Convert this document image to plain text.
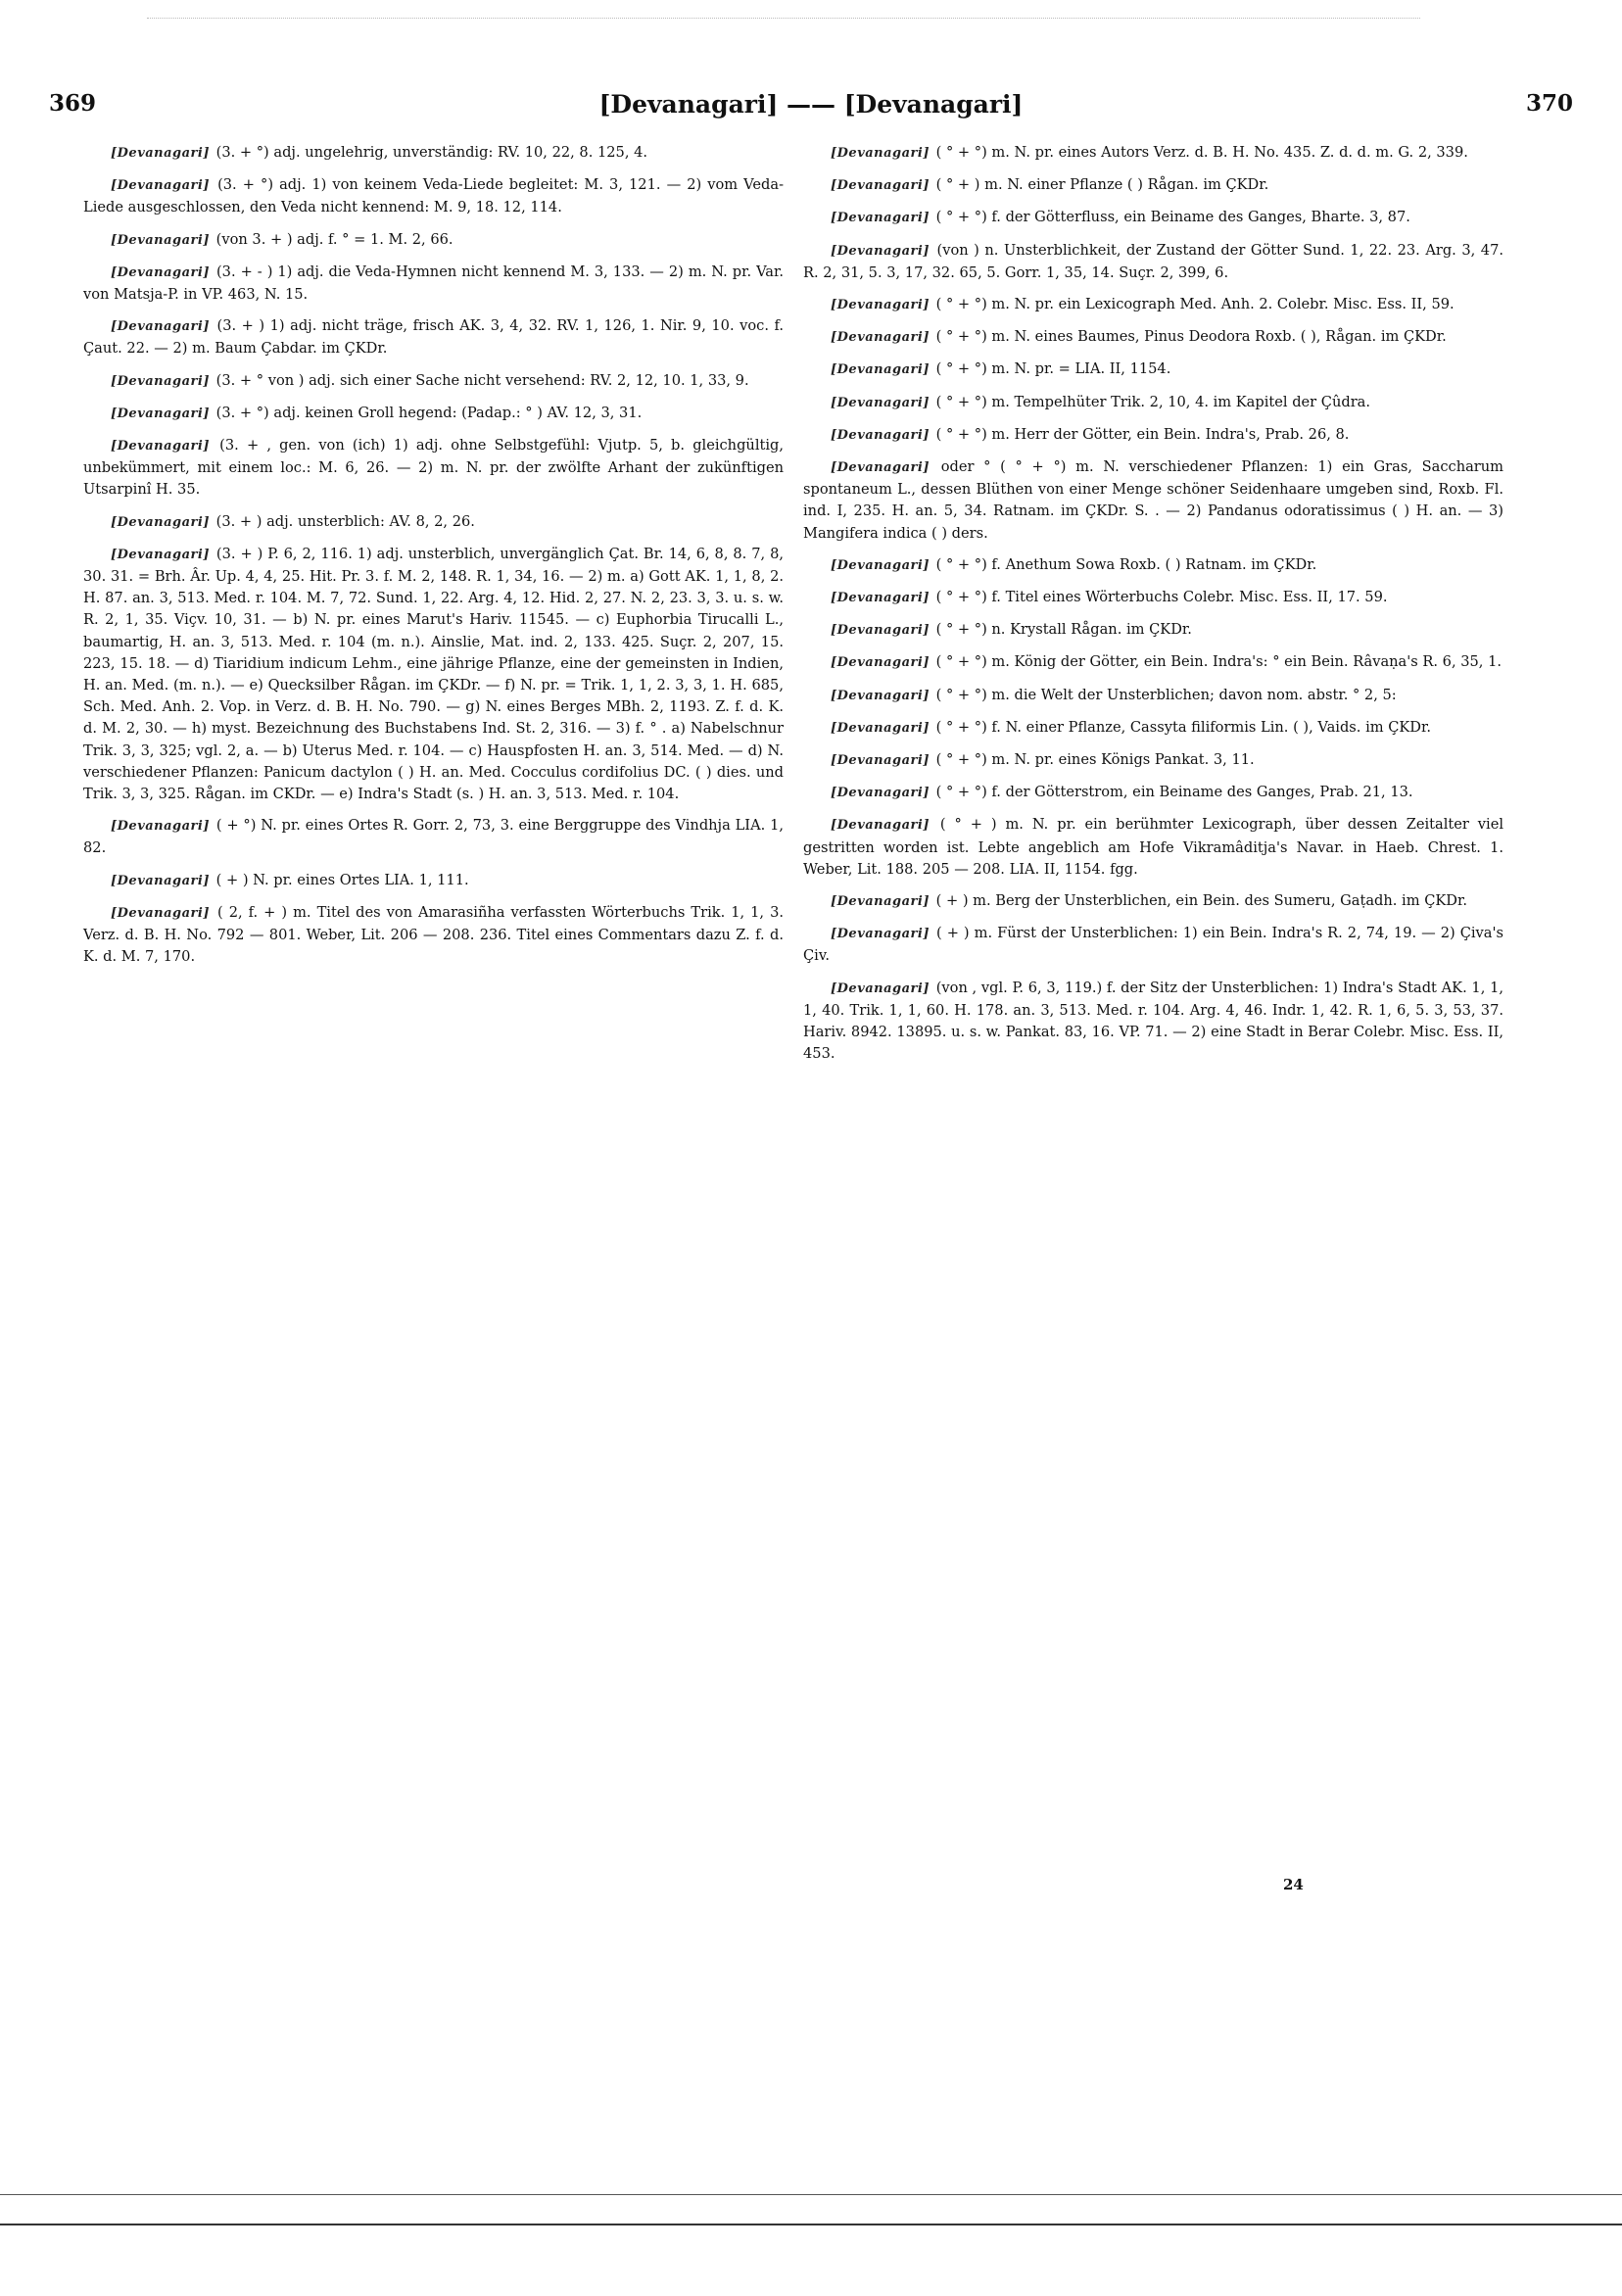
369	[Devanagari] —— [Devanagari]	370

[Devanagari] (3. + °) adj. ungelehrig, unverständig: RV. 10, 22, 8. 125, 4.

[Devanagari] (3. + °) adj. 1) von keinem Veda-Liede begleitet: M. 3, 121. — 2) vom Veda-Liede ausgeschlossen, den Veda nicht kennend: M. 9, 18. 12, 114.

[Devanagari] (von 3. + ) adj. f. ° = 1. M. 2, 66.

[Devanagari] (3. + - ) 1) adj. die Veda-Hymnen nicht kennend M. 3, 133. — 2) m. N. pr. Var. von Matsja-P. in VP. 463, N. 15.

[Devanagari] (3. + ) 1) adj. nicht träge, frisch AK. 3, 4, 32. RV. 1, 126, 1. Nir. 9, 10. voc. f. Çaut. 22. — 2) m. Baum Çabdar. im ÇKDr.

[Devanagari] (3. + ° von ) adj. sich einer Sache nicht versehend: RV. 2, 12, 10. 1, 33, 9.

[Devanagari] (3. + °) adj. keinen Groll hegend: (Padap.: ° ) AV. 12, 3, 31.

[Devanagari] (3. + , gen. von (ich) 1) adj. ohne Selbstgefühl: Vjutp. 5, b. gleichgültig, unbekümmert, mit einem loc.: M. 6, 26. — 2) m. N. pr. der zwölfte Arhant der zukünftigen Utsarpinî H. 35.

[Devanagari] (3. + ) adj. unsterblich: AV. 8, 2, 26.

[Devanagari] (3. + ) P. 6, 2, 116. 1) adj. unsterblich, unvergänglich Çat. Br. 14, 6, 8, 8. 7, 8, 30. 31. = Brh. Âr. Up. 4, 4, 25. Hit. Pr. 3. f. M. 2, 148. R. 1, 34, 16. — 2) m. a) Gott AK. 1, 1, 8, 2. H. 87. an. 3, 513. Med. r. 104. M. 7, 72. Sund. 1, 22. Arg. 4, 12. Hid. 2, 27. N. 2, 23. 3, 3. u. s. w. R. 2, 1, 35. Viçv. 10, 31. — b) N. pr. eines Marut's Hariv. 11545. — c) Euphorbia Tirucalli L., baumartig, H. an. 3, 513. Med. r. 104 (m. n.). Ainslie, Mat. ind. 2, 133. 425. Suçr. 2, 207, 15. 223, 15. 18. — d) Tiaridium indicum Lehm., eine jährige Pflanze, eine der gemeinsten in Indien, H. an. Med. (m. n.). — e) Quecksilber Rågan. im ÇKDr. — f) N. pr. = Trik. 1, 1, 2. 3, 3, 1. H. 685, Sch. Med. Anh. 2. Vop. in Verz. d. B. H. No. 790. — g) N. eines Berges MBh. 2, 1193. Z. f. d. K. d. M. 2, 30. — h) myst. Bezeichnung des Buchstabens Ind. St. 2, 316. — 3) f. ° . a) Nabelschnur Trik. 3, 3, 325; vgl. 2, a. — b) Uterus Med. r. 104. — c) Hauspfosten H. an. 3, 514. Med. — d) N. verschiedener Pflanzen: Panicum dactylon ( ) H. an. Med. Cocculus cordifolius DC. ( ) dies. und Trik. 3, 3, 325. Rågan. im CKDr. — e) Indra's Stadt (s. ) H. an. 3, 513. Med. r. 104.

[Devanagari] ( + °) N. pr. eines Ortes R. Gorr. 2, 73, 3. eine Berggruppe des Vindhja LIA. 1, 82.

[Devanagari] ( + ) N. pr. eines Ortes LIA. 1, 111.

[Devanagari] ( 2, f. + ) m. Titel des von Amarasiñha verfassten Wörterbuchs Trik. 1, 1, 3. Verz. d. B. H. No. 792 — 801. Weber, Lit. 206 — 208. 236. Titel eines Commentars dazu Z. f. d. K. d. M. 7, 170.

[Devanagari] ( ° + °) m. N. pr. eines Autors Verz. d. B. H. No. 435. Z. d. d. m. G. 2, 339.

[Devanagari] ( ° + ) m. N. einer Pflanze ( ) Rågan. im ÇKDr.

[Devanagari] ( ° + °) f. der Götterfluss, ein Beiname des Ganges, Bharte. 3, 87.

[Devanagari] (von ) n. Unsterblichkeit, der Zustand der Götter Sund. 1, 22. 23. Arg. 3, 47. R. 2, 31, 5. 3, 17, 32. 65, 5. Gorr. 1, 35, 14. Suçr. 2, 399, 6.

[Devanagari] ( ° + °) m. N. pr. ein Lexicograph Med. Anh. 2. Colebr. Misc. Ess. II, 59.

[Devanagari] ( ° + °) m. N. eines Baumes, Pinus Deodora Roxb. ( ), Rågan. im ÇKDr.

[Devanagari] ( ° + °) m. N. pr. = LIA. II, 1154.

[Devanagari] ( ° + °) m. Tempelhüter Trik. 2, 10, 4. im Kapitel der Çûdra.

[Devanagari] ( ° + °) m. Herr der Götter, ein Bein. Indra's, Prab. 26, 8.

[Devanagari] oder ° ( ° + °) m. N. verschiedener Pflanzen: 1) ein Gras, Saccharum spontaneum L., dessen Blüthen von einer Menge schöner Seidenhaare umgeben sind, Roxb. Fl. ind. I, 235. H. an. 5, 34. Ratnam. im ÇKDr. S. . — 2) Pandanus odoratissimus ( ) H. an. — 3) Mangifera indica ( ) ders.

[Devanagari] ( ° + °) f. Anethum Sowa Roxb. ( ) Ratnam. im ÇKDr.

[Devanagari] ( ° + °) f. Titel eines Wörterbuchs Colebr. Misc. Ess. II, 17. 59.

[Devanagari] ( ° + °) n. Krystall Rågan. im ÇKDr.

[Devanagari] ( ° + °) m. König der Götter, ein Bein. Indra's: ° ein Bein. Râvaṇa's R. 6, 35, 1.

[Devanagari] ( ° + °) m. die Welt der Unsterblichen; davon nom. abstr. ° 2, 5:

[Devanagari] ( ° + °) f. N. einer Pflanze, Cassyta filiformis Lin. ( ), Vaids. im ÇKDr.

[Devanagari] ( ° + °) m. N. pr. eines Königs Pankat. 3, 11.

[Devanagari] ( ° + °) f. der Götterstrom, ein Beiname des Ganges, Prab. 21, 13.

[Devanagari] ( ° + ) m. N. pr. ein berühmter Lexicograph, über dessen Zeitalter viel gestritten worden ist. Lebte angeblich am Hofe Vikramâditja's Navar. in Haeb. Chrest. 1. Weber, Lit. 188. 205 — 208. LIA. II, 1154. fgg.

[Devanagari] ( + ) m. Berg der Unsterblichen, ein Bein. des Sumeru, Gaṭadh. im ÇKDr.

[Devanagari] ( + ) m. Fürst der Unsterblichen: 1) ein Bein. Indra's R. 2, 74, 19. — 2) Çiva's Çiv.

[Devanagari] (von , vgl. P. 6, 3, 119.) f. der Sitz der Unsterblichen: 1) Indra's Stadt AK. 1, 1, 1, 40. Trik. 1, 1, 60. H. 178. an. 3, 513. Med. r. 104. Arg. 4, 46. Indr. 1, 42. R. 1, 6, 5. 3, 53, 37. Hariv. 8942. 13895. u. s. w. Pankat. 83, 16. VP. 71. — 2) eine Stadt in Berar Colebr. Misc. Ess. II, 453.

24
